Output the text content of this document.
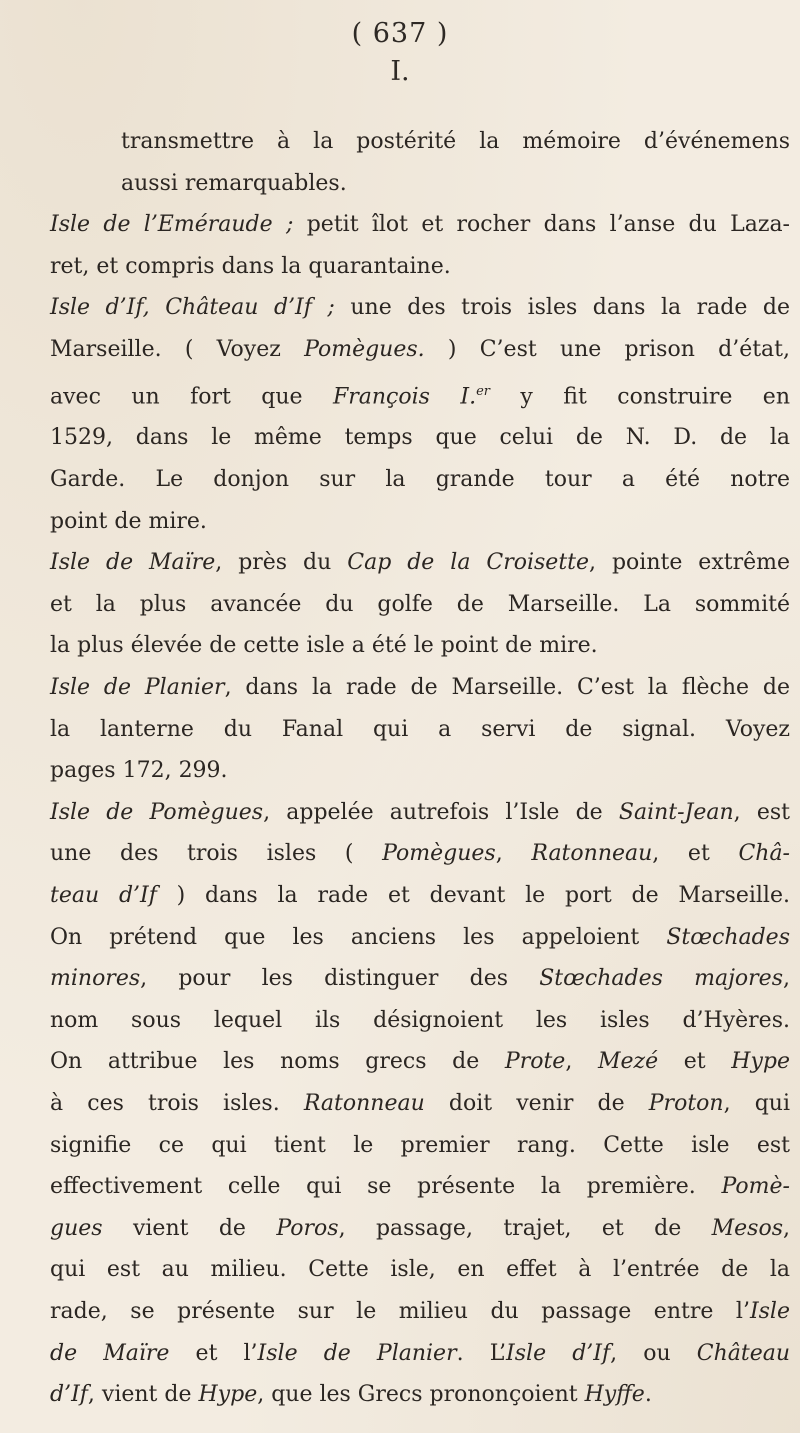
( 637 )
I.

transmettre à la postérité la mémoire d’événemens
aussi remarquables.

Isle de l’Eméraude ; petit îlot et rocher dans l’anse du Laza-
ret, et compris dans la quarantaine.

Isle d’If, Château d’If ; une des trois isles dans la rade de
Marseille. ( Voyez Pomègues. ) C’est une prison d’état,
avec un fort que François I.$^{er}$ y fit construire en
1529, dans le même temps que celui de N. D. de la
Garde. Le donjon sur la grande tour a été notre
point de mire.

Isle de Maïre, près du Cap de la Croisette, pointe extrême
et la plus avancée du golfe de Marseille. La sommité
la plus élevée de cette isle a été le point de mire.

Isle de Planier, dans la rade de Marseille. C’est la flèche de
la lanterne du Fanal qui a servi de signal. Voyez
pages 172, 299.

Isle de Pomègues, appelée autrefois l’Isle de Saint-Jean, est
une des trois isles ( Pomègues, Ratonneau, et Châ-
teau d’If ) dans la rade et devant le port de Marseille.
On prétend que les anciens les appeloient Stœchades
minores, pour les distinguer des Stœchades majores,
nom sous lequel ils désignoient les isles d’Hyères.
On attribue les noms grecs de Prote, Mezé et Hype
à ces trois isles. Ratonneau doit venir de Proton, qui
signifie ce qui tient le premier rang. Cette isle est
effectivement celle qui se présente la première. Pomè-
gues vient de Poros, passage, trajet, et de Mesos,
qui est au milieu. Cette isle, en effet à l’entrée de la
rade, se présente sur le milieu du passage entre l’Isle
de Maïre et l’Isle de Planier. L’Isle d’If, ou Château
d’If, vient de Hype, que les Grecs prononçoient Hyffe.
